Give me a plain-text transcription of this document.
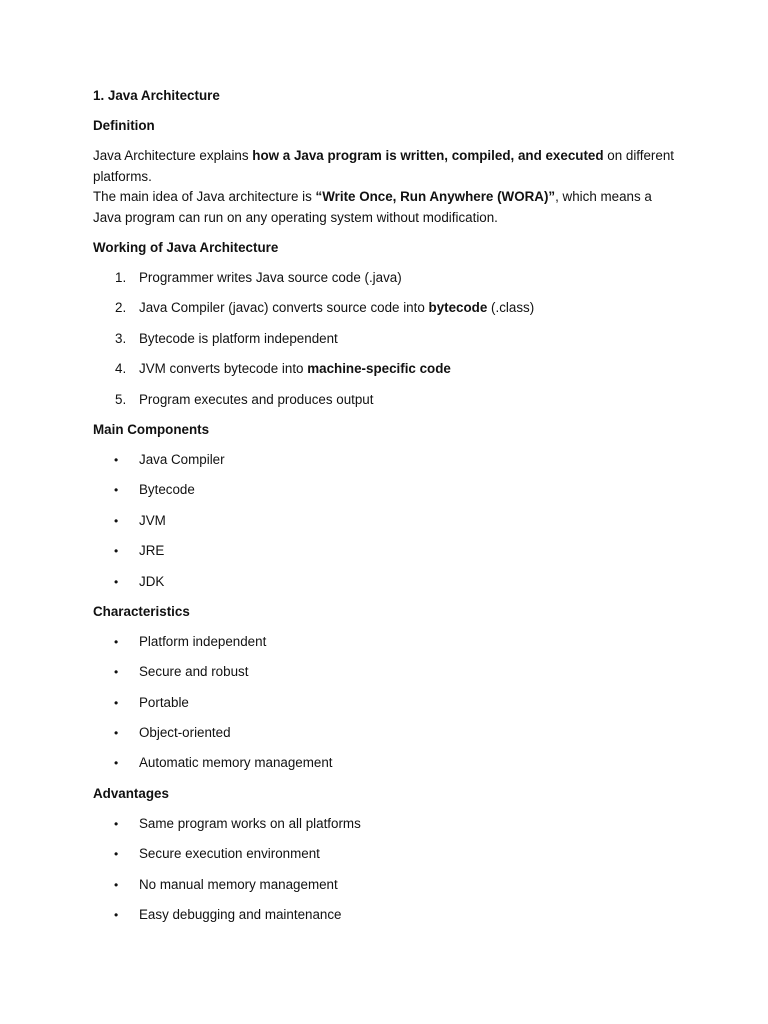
1. Java Architecture
Definition
Java Architecture explains how a Java program is written, compiled, and executed on different platforms.
The main idea of Java architecture is “Write Once, Run Anywhere (WORA)”, which means a Java program can run on any operating system without modification.
Working of Java Architecture
1. Programmer writes Java source code (.java)
2. Java Compiler (javac) converts source code into bytecode (.class)
3. Bytecode is platform independent
4. JVM converts bytecode into machine-specific code
5. Program executes and produces output
Main Components
•	Java Compiler
•	Bytecode
•	JVM
•	JRE
•	JDK
Characteristics
•	Platform independent
•	Secure and robust
•	Portable
•	Object-oriented
•	Automatic memory management
Advantages
•	Same program works on all platforms
•	Secure execution environment
•	No manual memory management
•	Easy debugging and maintenance
